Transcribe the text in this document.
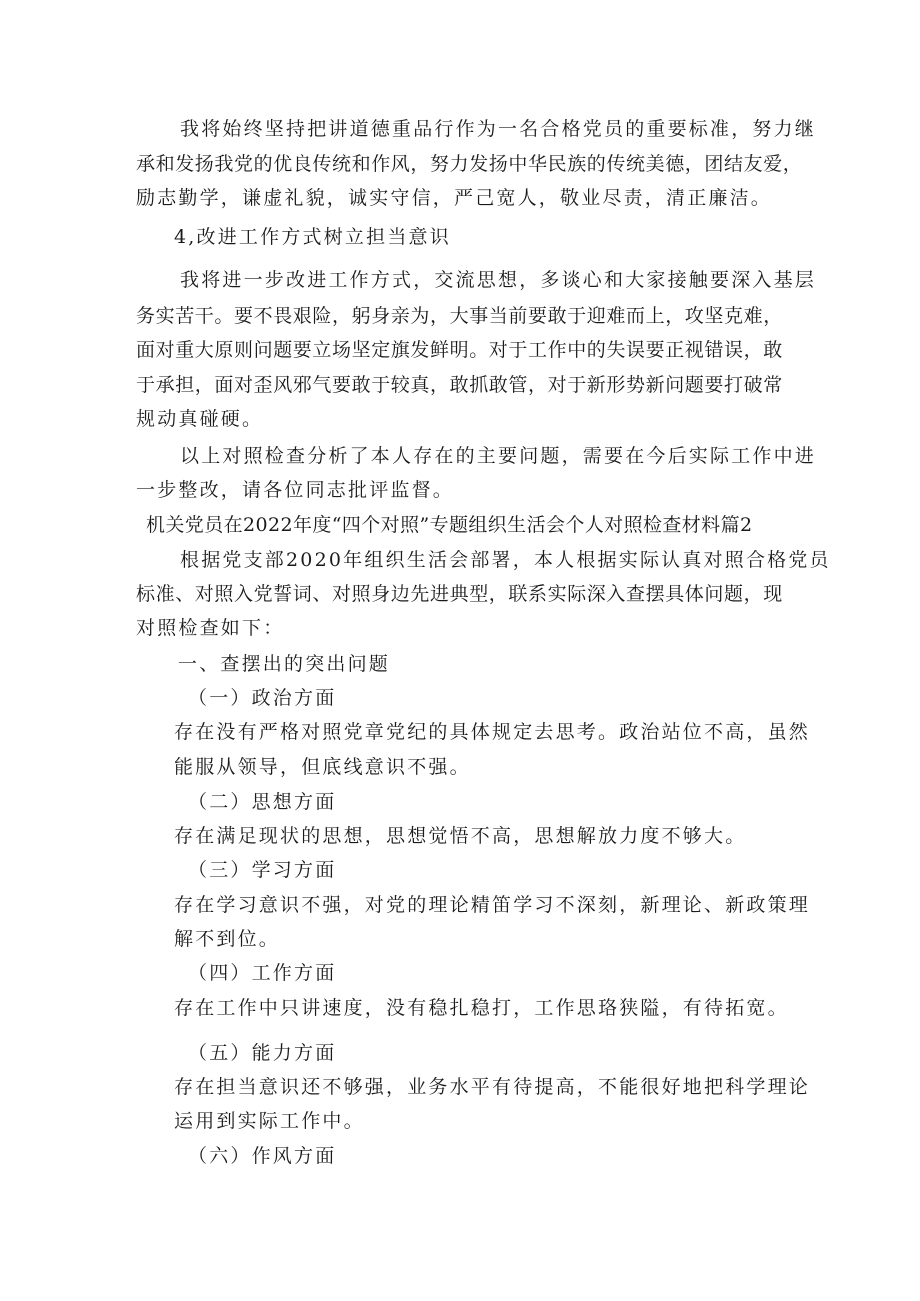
我将始终坚持把讲道德重品行作为一名合格党员的重要标准，努力继
承和发扬我党的优良传统和作风，努力发扬中华民族的传统美德，团结友爱，
励志勤学，谦虚礼貌，诚实守信，严己宽人，敬业尽责，清正廉洁。
4,改进工作方式树立担当意识
我将进一步改进工作方式，交流思想，多谈心和大家接触要深入基层
务实苦干。要不畏艰险，躬身亲为，大事当前要敢于迎难而上，攻坚克难，
面对重大原则问题要立场坚定旗发鲜明。对于工作中的失误要正视错误，敢
于承担，面对歪风邪气要敢于较真，敢抓敢管，对于新形势新问题要打破常
规动真碰硬。
以上对照检查分析了本人存在的主要问题，需要在今后实际工作中进
一步整改，请各位同志批评监督。
机关党员在2022年度“四个对照”专题组织生活会个人对照检查材料篇2
根据党支部2020年组织生活会部署，本人根据实际认真对照合格党员
标准、对照入党誓词、对照身边先进典型，联系实际深入查摆具体问题，现
对照检查如下：
一、查摆出的突出问题
（一）政治方面
存在没有严格对照党章党纪的具体规定去思考。政治站位不高，虽然
能服从领导，但底线意识不强。
（二）思想方面
存在满足现状的思想，思想觉悟不高，思想解放力度不够大。
（三）学习方面
存在学习意识不强，对党的理论精笛学习不深刻，新理论、新政策理
解不到位。
（四）工作方面
存在工作中只讲速度，没有稳扎稳打，工作思珞狭隘，有待拓宽。
（五）能力方面
存在担当意识还不够强，业务水平有待提高，不能很好地把科学理论
运用到实际工作中。
（六）作风方面
